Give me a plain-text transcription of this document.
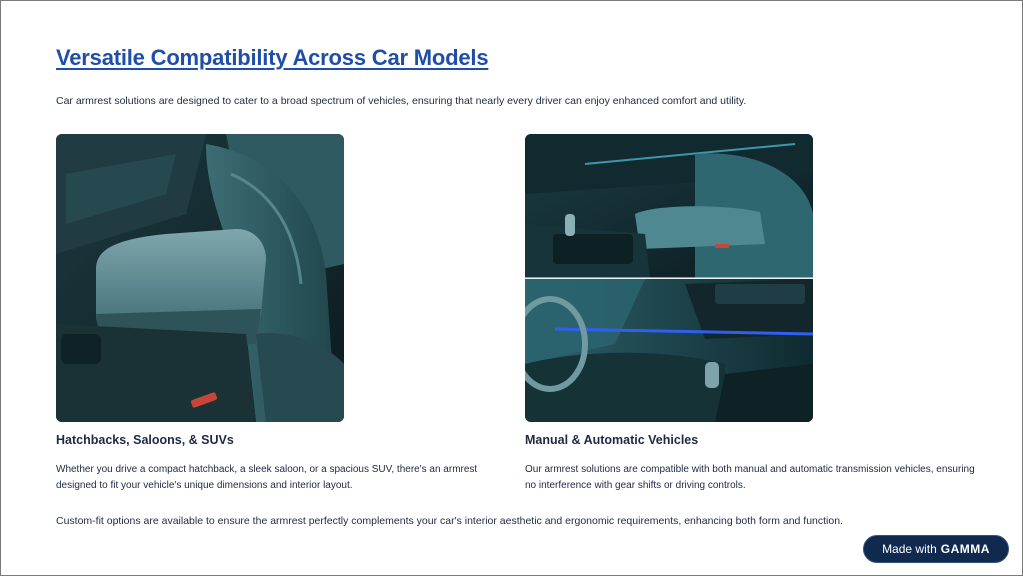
Versatile Compatibility Across Car Models
Car armrest solutions are designed to cater to a broad spectrum of vehicles, ensuring that nearly every driver can enjoy enhanced comfort and utility.
Hatchbacks, Saloons, & SUVs
Whether you drive a compact hatchback, a sleek saloon, or a spacious SUV, there's an armrest designed to fit your vehicle's unique dimensions and interior layout.
Manual & Automatic Vehicles
Our armrest solutions are compatible with both manual and automatic transmission vehicles, ensuring no interference with gear shifts or driving controls.
Custom-fit options are available to ensure the armrest perfectly complements your car's interior aesthetic and ergonomic requirements, enhancing both form and function.
Made with GAMMA
